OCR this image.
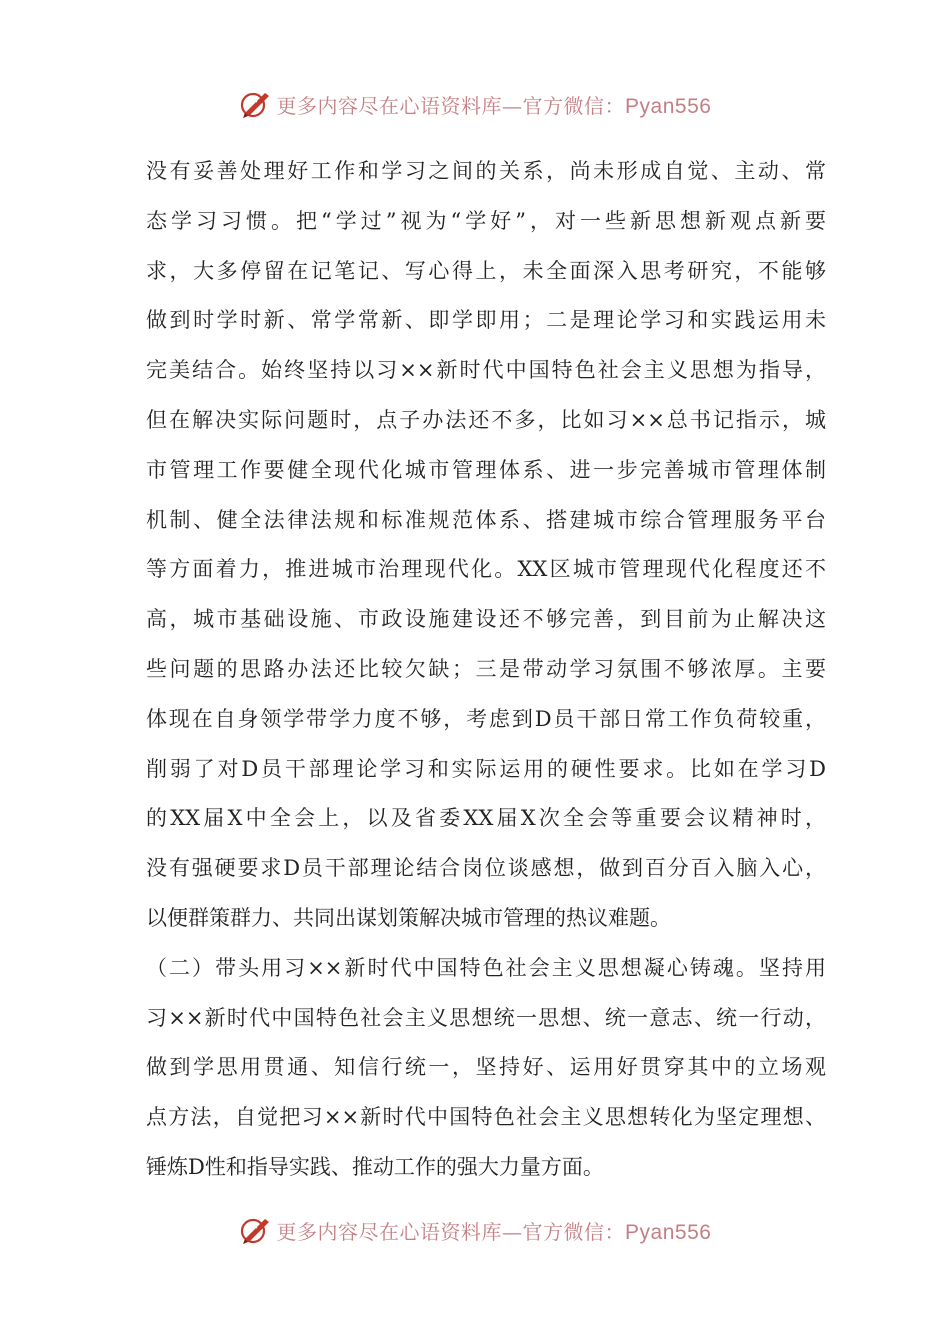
更多内容尽在心语资料库—官方微信：Pyan556
没有妥善处理好工作和学习之间的关系，尚未形成自觉、主动、常
态学习习惯。把“学过”视为“学好”，对一些新思想新观点新要
求，大多停留在记笔记、写心得上，未全面深入思考研究，不能够
做到时学时新、常学常新、即学即用；二是理论学习和实践运用未
完美结合。始终坚持以习××新时代中国特色社会主义思想为指导，
但在解决实际问题时，点子办法还不多，比如习××总书记指示，城
市管理工作要健全现代化城市管理体系、进一步完善城市管理体制
机制、健全法律法规和标准规范体系、搭建城市综合管理服务平台
等方面着力，推进城市治理现代化。XX区城市管理现代化程度还不
高，城市基础设施、市政设施建设还不够完善，到目前为止解决这
些问题的思路办法还比较欠缺；三是带动学习氛围不够浓厚。主要
体现在自身领学带学力度不够，考虑到D员干部日常工作负荷较重，
削弱了对D员干部理论学习和实际运用的硬性要求。比如在学习D
的XX届X中全会上，以及省委XX届X次全会等重要会议精神时，
没有强硬要求D员干部理论结合岗位谈感想，做到百分百入脑入心，
以便群策群力、共同出谋划策解决城市管理的热议难题。
（二）带头用习××新时代中国特色社会主义思想凝心铸魂。坚持用
习××新时代中国特色社会主义思想统一思想、统一意志、统一行动，
做到学思用贯通、知信行统一，坚持好、运用好贯穿其中的立场观
点方法，自觉把习××新时代中国特色社会主义思想转化为坚定理想、
锤炼D性和指导实践、推动工作的强大力量方面。
更多内容尽在心语资料库—官方微信：Pyan556
